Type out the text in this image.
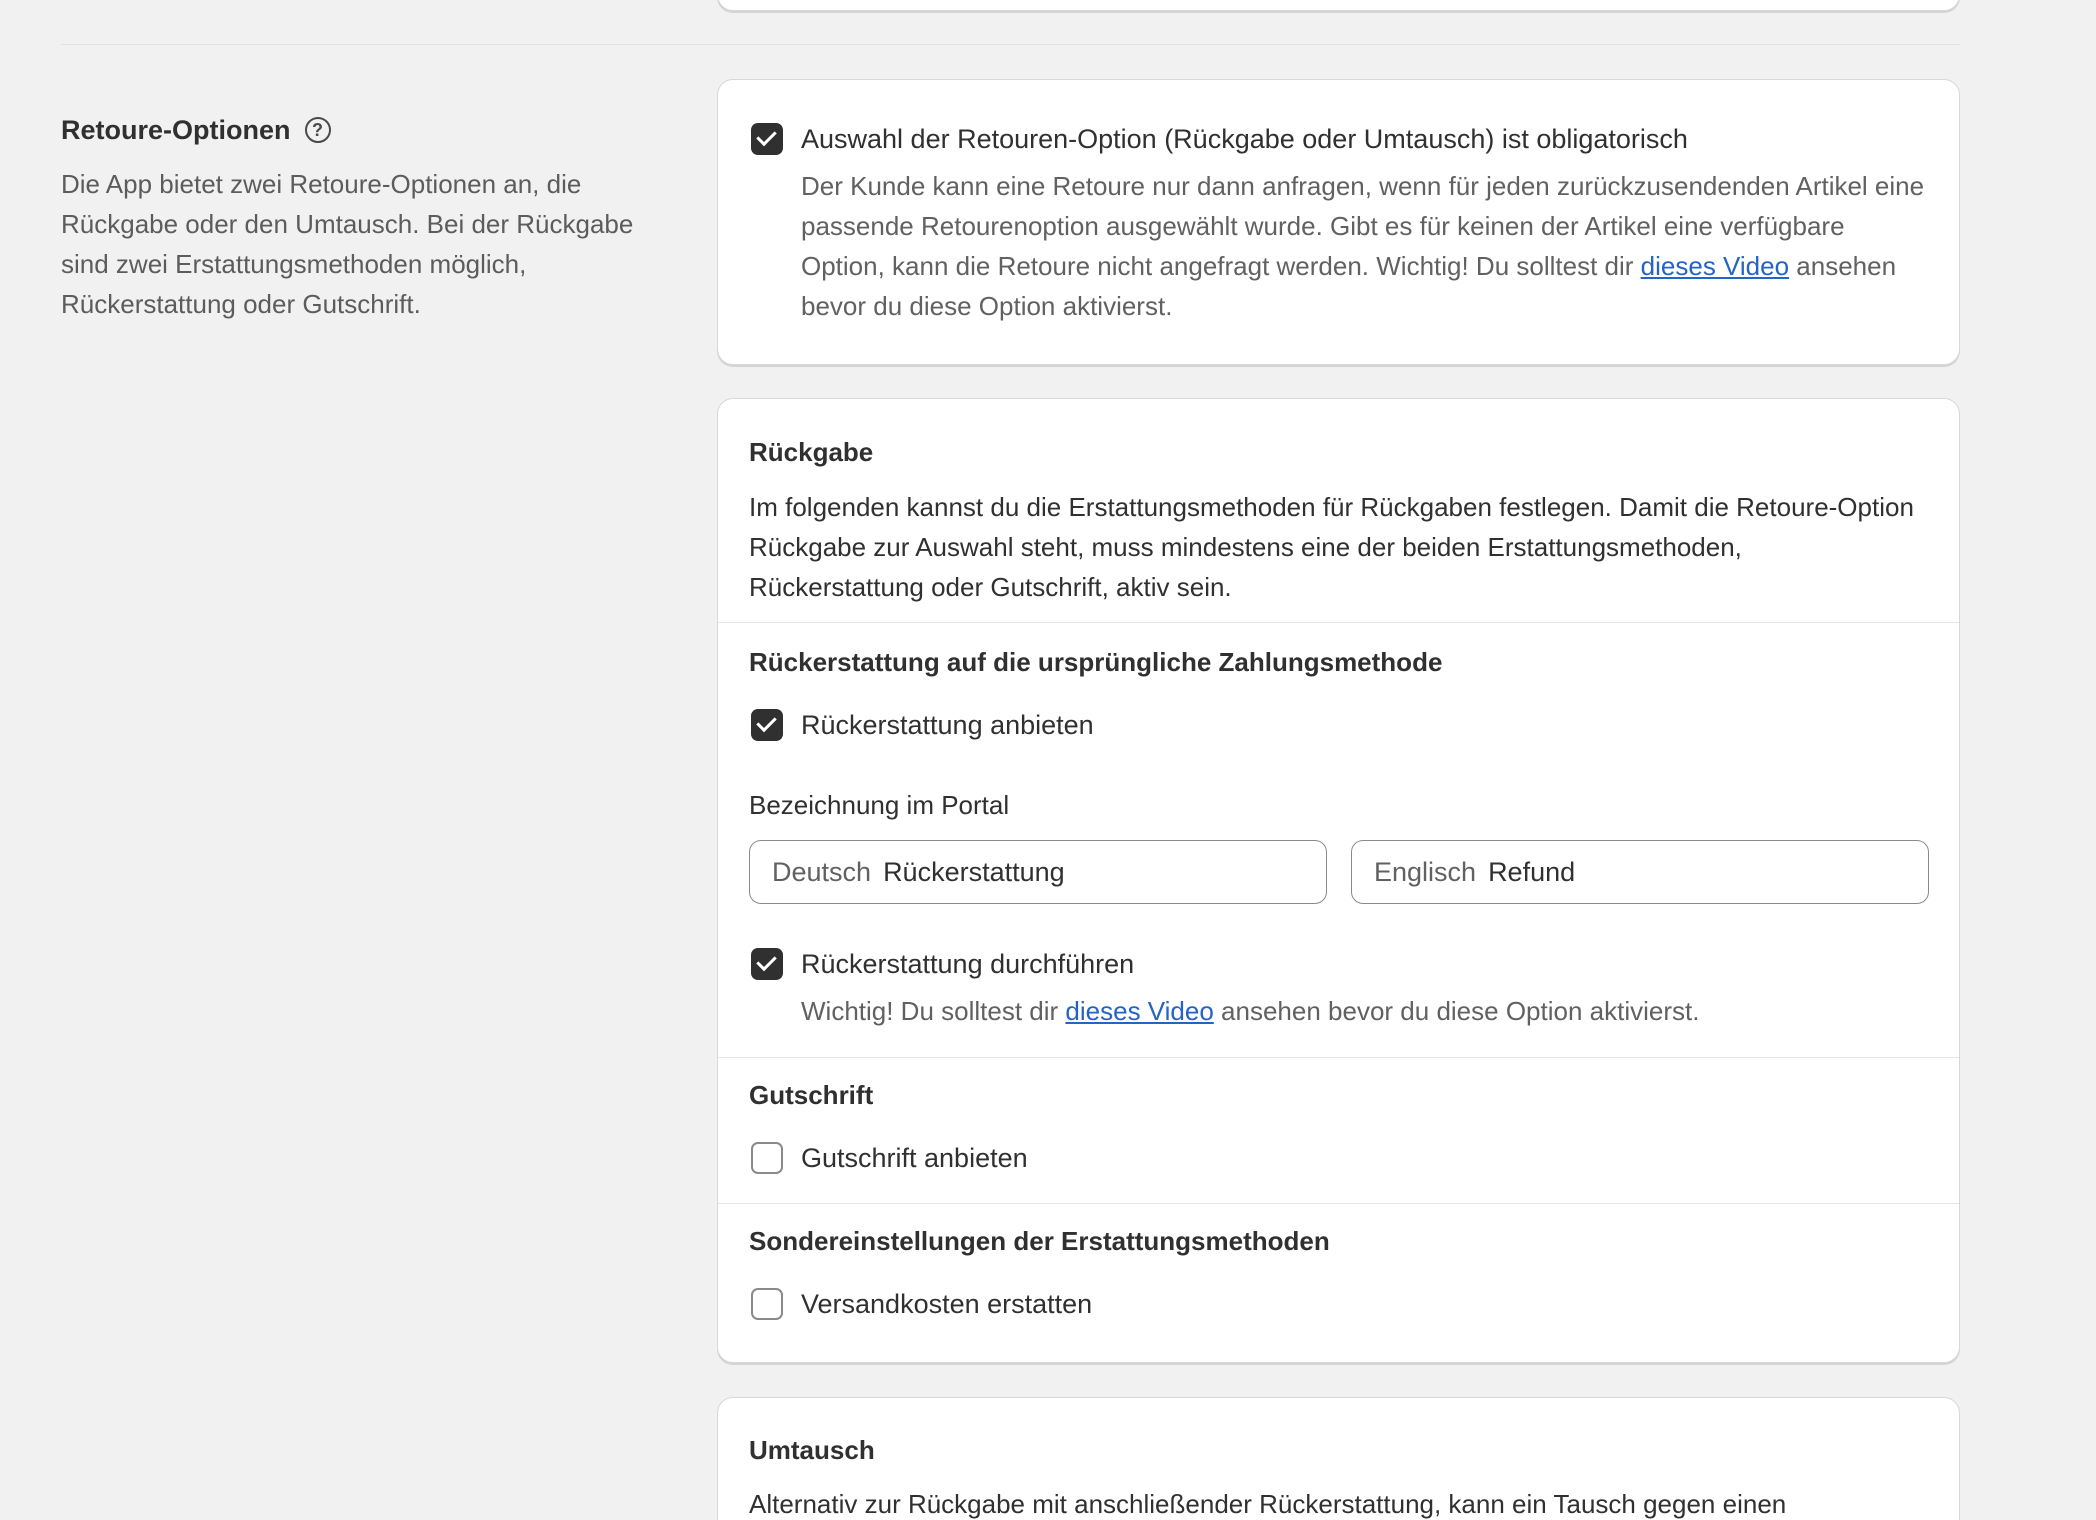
Retoure-Optionen	?
Die App bietet zwei Retoure-Optionen an, die Rückgabe oder den Umtausch. Bei der Rückgabe sind zwei Erstattungsmethoden möglich, Rückerstattung oder Gutschrift.
Auswahl der Retouren-Option (Rückgabe oder Umtausch) ist obligatorisch
Der Kunde kann eine Retoure nur dann anfragen, wenn für jeden zurückzusendenden Artikel eine passende Retourenoption ausgewählt wurde. Gibt es für keinen der Artikel eine verfügbare Option, kann die Retoure nicht angefragt werden. Wichtig! Du solltest dir dieses Video ansehen bevor du diese Option aktivierst.
Rückgabe
Im folgenden kannst du die Erstattungsmethoden für Rückgaben festlegen. Damit die Retoure-Option Rückgabe zur Auswahl steht, muss mindestens eine der beiden Erstattungsmethoden, Rückerstattung oder Gutschrift, aktiv sein.
Rückerstattung auf die ursprüngliche Zahlungsmethode
Rückerstattung anbieten
Bezeichnung im Portal
Deutsch Rückerstattung	Englisch Refund
Rückerstattung durchführen
Wichtig! Du solltest dir dieses Video ansehen bevor du diese Option aktivierst.
Gutschrift
Gutschrift anbieten
Sondereinstellungen der Erstattungsmethoden
Versandkosten erstatten
Umtausch
Alternativ zur Rückgabe mit anschließender Rückerstattung, kann ein Tausch gegen einen
